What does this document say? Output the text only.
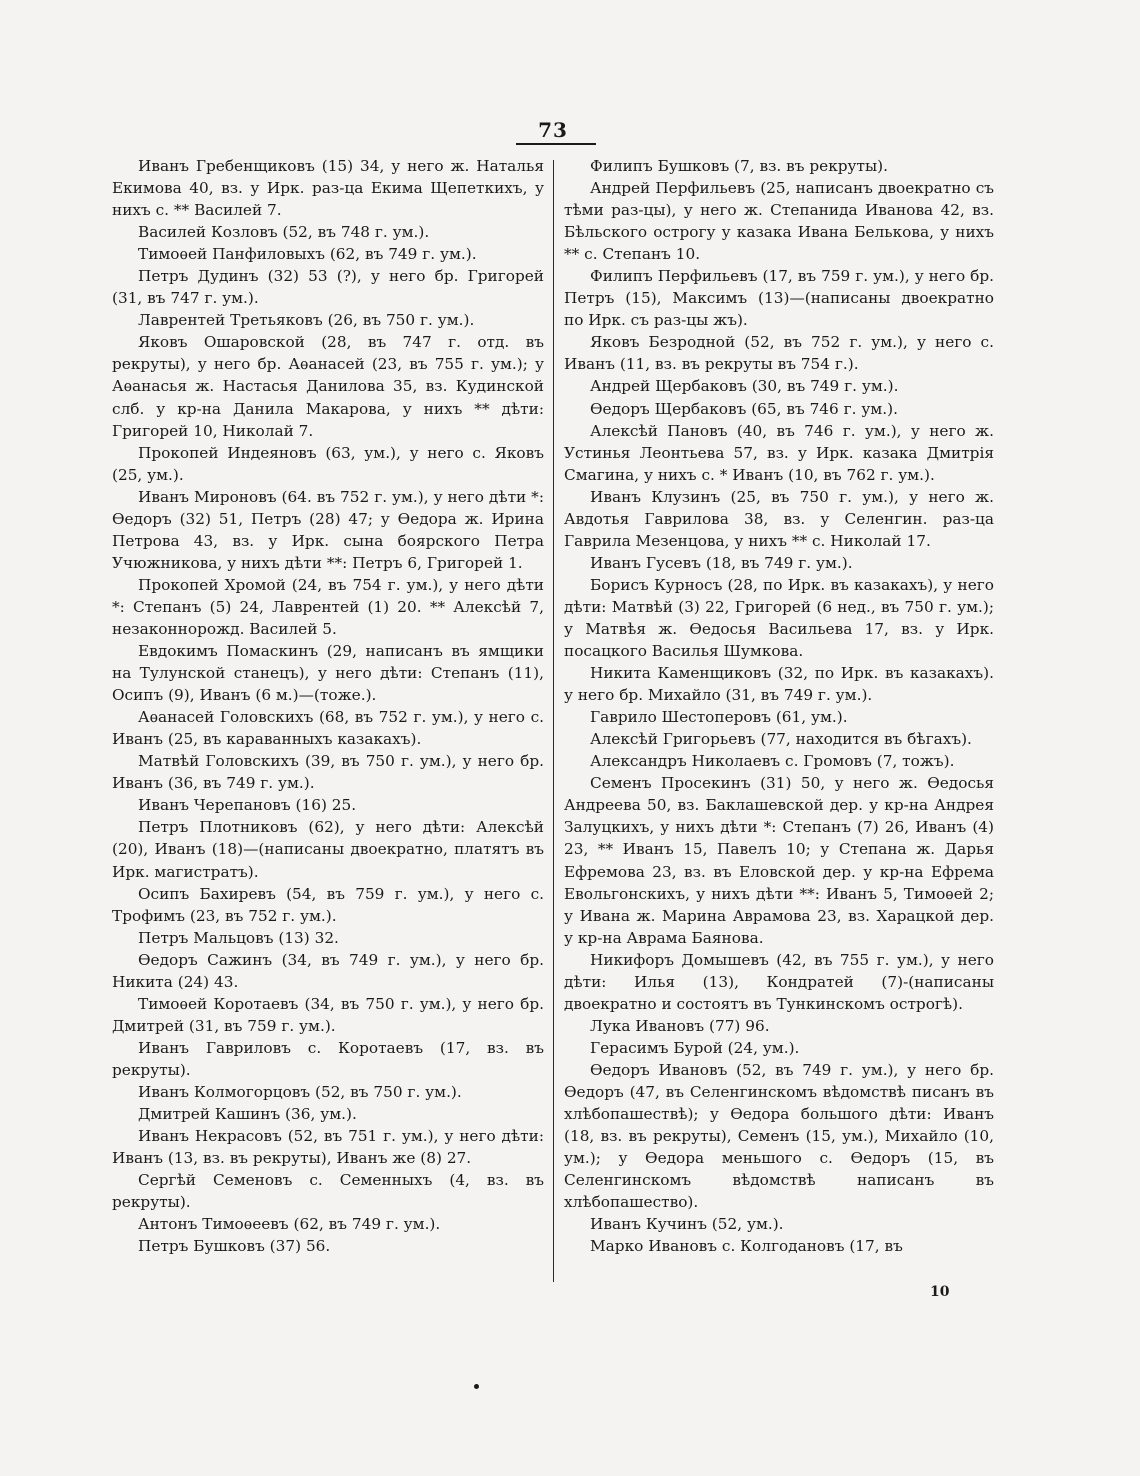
73

Иванъ Гребенщиковъ (15) 34, у него ж. Наталья Екимова 40, вз. у Ирк. раз-ца Екима Щепеткихъ, у нихъ с. ** Василей 7.

Василей Козловъ (52, въ 748 г. ум.).

Тимоѳей Панфиловыхъ (62, въ 749 г. ум.).

Петръ Дудинъ (32) 53 (?), у него бр. Григорей (31, въ 747 г. ум.).

Лаврентей Третьяковъ (26, въ 750 г. ум.).

Яковъ Ошаровской (28, въ 747 г. отд. въ рекруты), у него бр. Аѳанасей (23, въ 755 г. ум.); у Аѳанасья ж. Настасья Данилова 35, вз. Кудинской слб. у кр-на Данила Макарова, у нихъ ** дѣти: Григорей 10, Николай 7.

Прокопей Индеяновъ (63, ум.), у него с. Яковъ (25, ум.).

Иванъ Мироновъ (64. въ 752 г. ум.), у него дѣти *: Ѳедоръ (32) 51, Петръ (28) 47; у Ѳедора ж. Ирина Петрова 43, вз. у Ирк. сына боярского Петра Учюжникова, у нихъ дѣти **: Петръ 6, Григорей 1.

Прокопей Хромой (24, въ 754 г. ум.), у него дѣти *: Степанъ (5) 24, Лаврентей (1) 20. ** Алексѣй 7, незаконнорожд. Василей 5.

Евдокимъ Помаскинъ (29, написанъ въ ямщики на Тулунской станецъ), у него дѣти: Степанъ (11), Осипъ (9), Иванъ (6 м.)—(тоже.).

Аѳанасей Головскихъ (68, въ 752 г. ум.), у него с. Иванъ (25, въ караванныхъ казакахъ).

Матвѣй Головскихъ (39, въ 750 г. ум.), у него бр. Иванъ (36, въ 749 г. ум.).

Иванъ Черепановъ (16) 25.

Петръ Плотниковъ (62), у него дѣти: Алексѣй (20), Иванъ (18)—(написаны двоекратно, платятъ въ Ирк. магистратъ).

Осипъ Бахиревъ (54, въ 759 г. ум.), у него с. Трофимъ (23, въ 752 г. ум.).

Петръ Мальцовъ (13) 32.

Ѳедоръ Сажинъ (34, въ 749 г. ум.), у него бр. Никита (24) 43.

Тимоѳей Коротаевъ (34, въ 750 г. ум.), у него бр. Дмитрей (31, въ 759 г. ум.).

Иванъ Гавриловъ с. Коротаевъ (17, вз. въ рекруты).

Иванъ Колмогорцовъ (52, въ 750 г. ум.).

Дмитрей Кашинъ (36, ум.).

Иванъ Некрасовъ (52, въ 751 г. ум.), у него дѣти: Иванъ (13, вз. въ рекруты), Иванъ же (8) 27.

Сергѣй Семеновъ с. Семенныхъ (4, вз. въ рекруты).

Антонъ Тимоѳеевъ (62, въ 749 г. ум.).

Петръ Бушковъ (37) 56.

Филипъ Бушковъ (7, вз. въ рекруты).

Андрей Перфильевъ (25, написанъ двоекратно съ тѣми раз-цы), у него ж. Степанида Иванова 42, вз. Бѣльского острогу у казака Ивана Белькова, у нихъ ** с. Степанъ 10.

Филипъ Перфильевъ (17, въ 759 г. ум.), у него бр. Петръ (15), Максимъ (13)—(написаны двоекратно по Ирк. съ раз-цы жъ).

Яковъ Безродной (52, въ 752 г. ум.), у него с. Иванъ (11, вз. въ рекруты въ 754 г.).

Андрей Щербаковъ (30, въ 749 г. ум.).

Ѳедоръ Щербаковъ (65, въ 746 г. ум.).

Алексѣй Пановъ (40, въ 746 г. ум.), у него ж. Устинья Леонтьева 57, вз. у Ирк. казака Дмитрія Смагина, у нихъ с. * Иванъ (10, въ 762 г. ум.).

Иванъ Клузинъ (25, въ 750 г. ум.), у него ж. Авдотья Гаврилова 38, вз. у Селенгин. раз-ца Гаврила Мезенцова, у нихъ ** с. Николай 17.

Иванъ Гусевъ (18, въ 749 г. ум.).

Борисъ Курносъ (28, по Ирк. въ казакахъ), у него дѣти: Матвѣй (3) 22, Григорей (6 нед., въ 750 г. ум.); у Матвѣя ж. Ѳедосья Васильева 17, вз. у Ирк. посацкого Василья Шумкова.

Никита Каменщиковъ (32, по Ирк. въ казакахъ). у него бр. Михайло (31, въ 749 г. ум.).

Гаврило Шестоперовъ (61, ум.).

Алексѣй Григорьевъ (77, находится въ бѣгахъ).

Александръ Николаевъ с. Громовъ (7, тожъ).

Семенъ Просекинъ (31) 50, у него ж. Ѳедосья Андреева 50, вз. Баклашевской дер. у кр-на Андрея Залуцкихъ, у нихъ дѣти *: Степанъ (7) 26, Иванъ (4) 23, ** Иванъ 15, Павелъ 10; у Степана ж. Дарья Ефремова 23, вз. въ Еловской дер. у кр-на Ефрема Евольгонскихъ, у нихъ дѣти **: Иванъ 5, Тимоѳей 2; у Ивана ж. Марина Аврамова 23, вз. Харацкой дер. у кр-на Аврама Баянова.

Никифоръ Домышевъ (42, въ 755 г. ум.), у него дѣти: Илья (13), Кондратей (7)-(написаны двоекратно и состоятъ въ Тункинскомъ острогѣ).

Лука Ивановъ (77) 96.

Герасимъ Бурой (24, ум.).

Ѳедоръ Ивановъ (52, въ 749 г. ум.), у него бр. Ѳедоръ (47, въ Селенгинскомъ вѣдомствѣ писанъ въ хлѣбопашествѣ); у Ѳедора большого дѣти: Иванъ (18, вз. въ рекруты), Семенъ (15, ум.), Михайло (10, ум.); у Ѳедора меньшого с. Ѳедоръ (15, въ Селенгинскомъ вѣдомствѣ написанъ въ хлѣбопашество).

Иванъ Кучинъ (52, ум.).

Марко Ивановъ с. Колгодановъ (17, въ

10
